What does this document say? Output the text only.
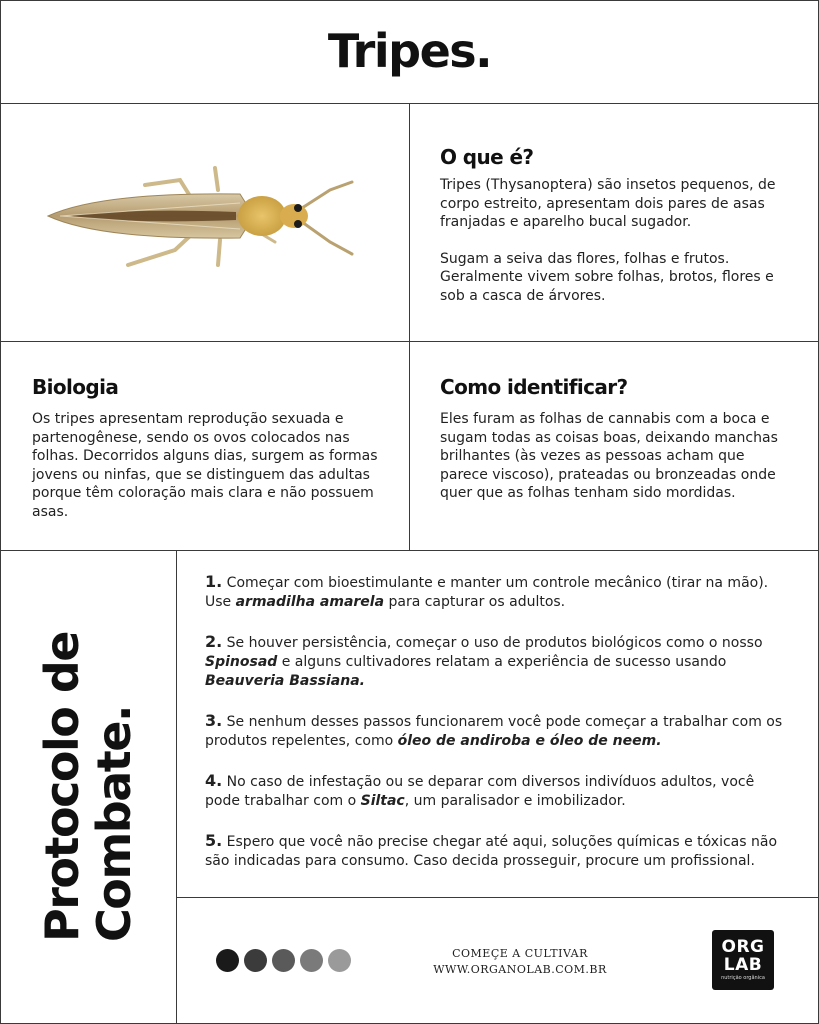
Tripes.
O que é?

Tripes (Thysanoptera) são insetos pequenos, de corpo estreito, apresentam dois pares de asas franjadas e aparelho bucal sugador.

Sugam a seiva das flores, folhas e frutos. Geralmente vivem sobre folhas, brotos, flores e sob a casca de árvores.

Biologia

Os tripes apresentam reprodução sexuada e partenogênese, sendo os ovos colocados nas folhas. Decorridos alguns dias, surgem as formas jovens ou ninfas, que se distinguem das adultas porque têm coloração mais clara e não possuem asas.

Como identificar?

Eles furam as folhas de cannabis com a boca e sugam todas as coisas boas, deixando manchas brilhantes (às vezes as pessoas acham que parece viscoso), prateadas ou bronzeadas onde quer que as folhas tenham sido mordidas.

Protocolo de
Combate.
1. Começar com bioestimulante e manter um controle mecânico (tirar na mão). Use armadilha amarela para capturar os adultos.
2. Se houver persistência, começar o uso de produtos biológicos como o nosso Spinosad e alguns cultivadores relatam a experiência de sucesso usando Beauveria Bassiana.
3. Se nenhum desses passos funcionarem você pode começar a trabalhar com os produtos repelentes, como óleo de andiroba e óleo de neem.
4. No caso de infestação ou se deparar com diversos indivíduos adultos, você pode trabalhar com o Siltac, um paralisador e imobilizador.
5. Espero que você não precise chegar até aqui, soluções químicas e tóxicas não são indicadas para consumo. Caso decida prosseguir, procure um profissional.
COMEÇE A CULTIVAR
WWW.ORGANOLAB.COM.BR
ORG
LAB
nutrição orgânica
